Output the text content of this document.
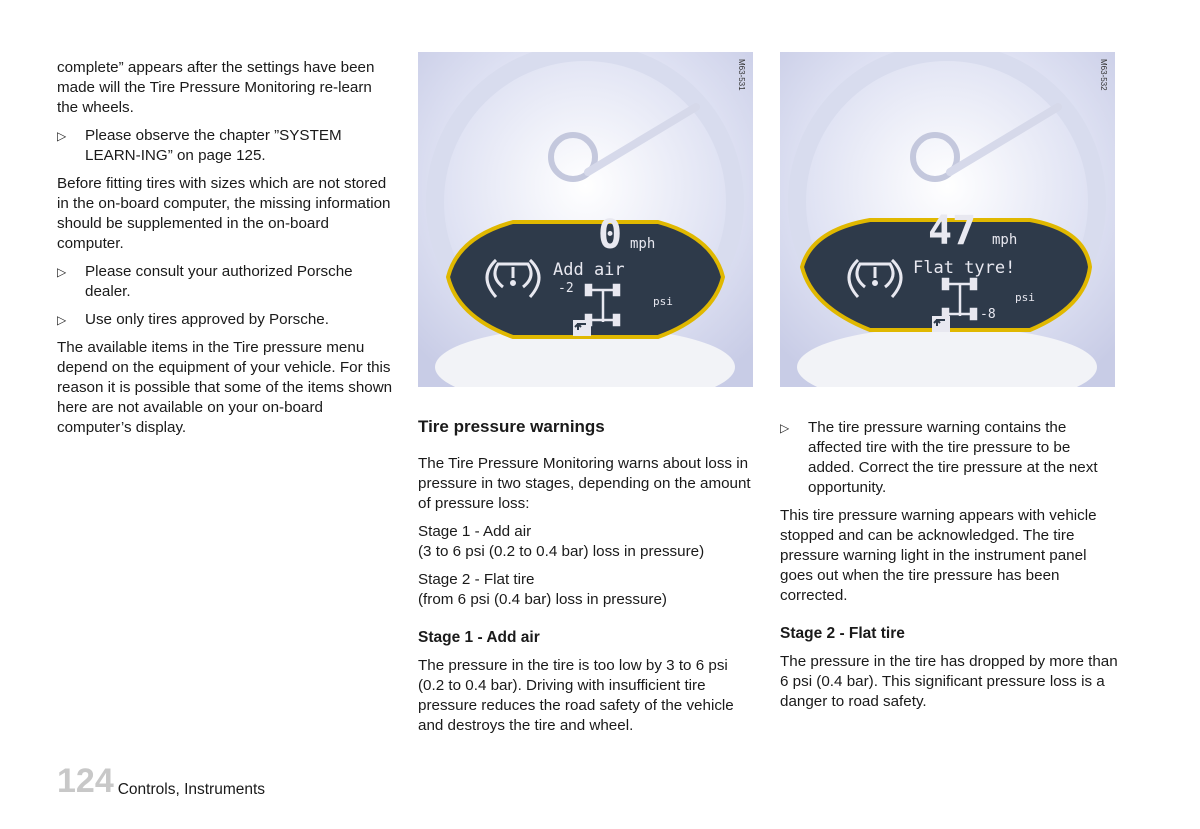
complete” appears after the settings have been made will the Tire Pressure Monitoring re-learn the wheels.

▷ Please observe the chapter ”SYSTEM LEARN-ING” on page 125.

Before fitting tires with sizes which are not stored in the on-board computer, the missing information should be supplemented in the on-board computer.

▷ Please consult your authorized Porsche dealer.
▷ Use only tires approved by Porsche.

The available items in the Tire pressure menu depend on the equipment of your vehicle. For this reason it is possible that some of the items shown here are not available on your on-board computer’s display.

0 mph
Add air
-2
psi
M63-531
47 mph
Flat tyre!
-8
psi
M63-532
Tire pressure warnings

The Tire Pressure Monitoring warns about loss in pressure in two stages, depending on the amount of pressure loss:

Stage 1 - Add air
(3 to 6 psi (0.2 to 0.4 bar) loss in pressure)

Stage 2 - Flat tire
(from 6 psi (0.4 bar) loss in pressure)

Stage 1 - Add air

The pressure in the tire is too low by 3 to 6 psi (0.2 to 0.4 bar). Driving with insufficient tire pressure reduces the road safety of the vehicle and destroys the tire and wheel.

▷ The tire pressure warning contains the affected tire with the tire pressure to be added. Correct the tire pressure at the next opportunity.

This tire pressure warning appears with vehicle stopped and can be acknowledged. The tire pressure warning light in the instrument panel goes out when the tire pressure has been corrected.

Stage 2 - Flat tire

The pressure in the tire has dropped by more than 6 psi (0.4 bar). This significant pressure loss is a danger to road safety.

124 Controls, Instruments
